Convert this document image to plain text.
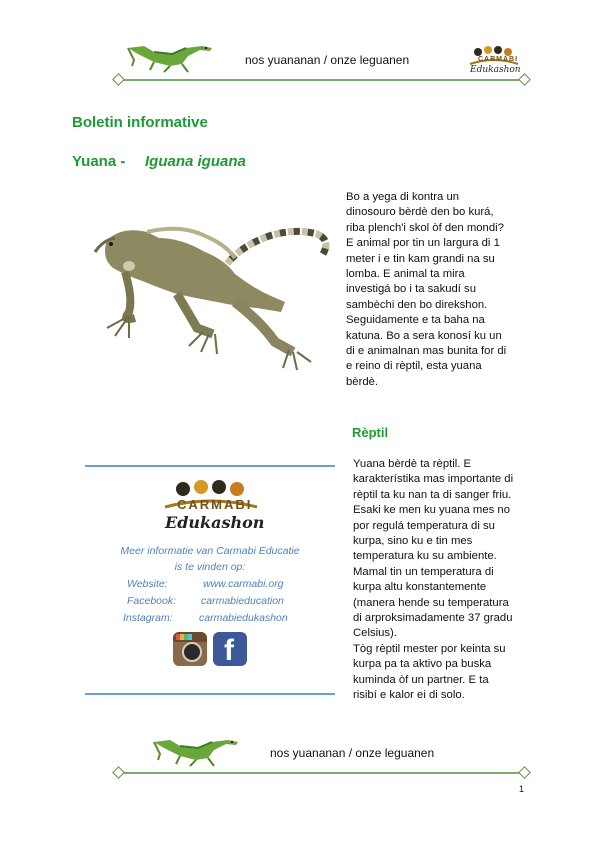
nos yuananan / onze leguanen	CARMABI
Edukashon
Boletin informative
Yuana - Iguana iguana
Bo a yega di kontra un
dinosouro bèrdè den bo kurá,
riba plench'i skol òf den mondi?
E animal por tin un largura di 1
meter i e tin kam grandi na su
lomba. E animal ta mira
investigá bo i ta sakudí su
sambèchi den bo direkshon.
Seguidamente e ta baha na
katuna. Bo a sera konosí ku un
di e animalnan mas bunita for di
e reino di rèptil, esta yuana
bèrdè.
Rèptil
Yuana bèrdè ta rèptil. E
karakterístika mas importante di
rèptil ta ku nan ta di sanger friu.
Esaki ke men ku yuana mes no
por regulá temperatura di su
kurpa, sino ku e tin mes
temperatura ku su ambiente.
Mamal tin un temperatura di
kurpa altu konstantemente
(manera hende su temperatura
di arproksimadamente 37 gradu
Celsius).
Tòg rèptil mester por keinta su
kurpa pa ta aktivo pa buska
kuminda òf un partner. E ta
risibí e kalor ei di solo.
CARMABI
Edukashon
Meer informatie van Carmabi Educatie
is te vinden op:
Website:	www.carmabi.org
Facebook: carmabieducation
Instagram:	carmabiedukashon
f
nos yuananan / onze leguanen
1
